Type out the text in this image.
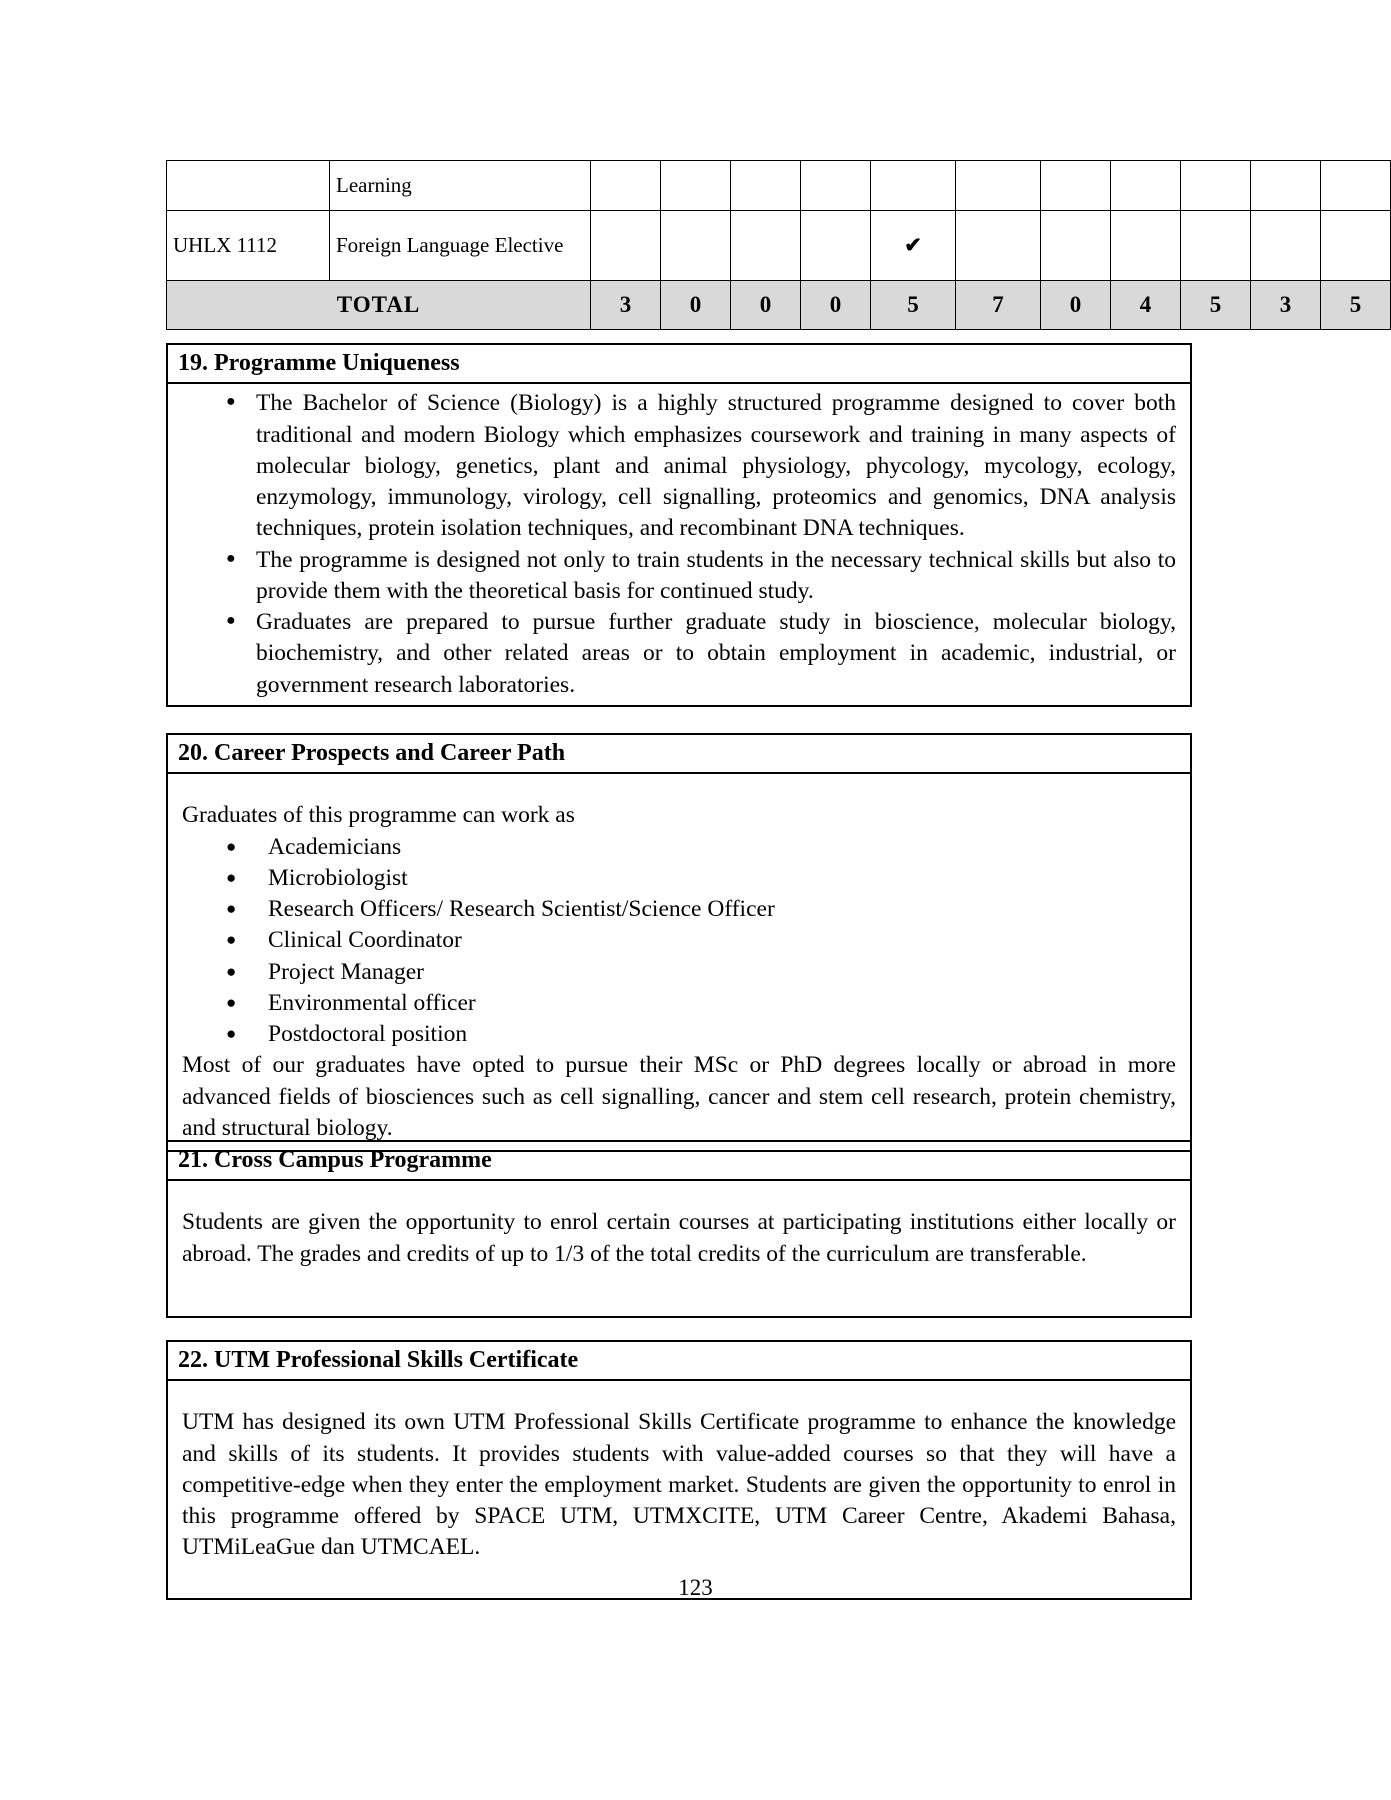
	Learning											
UHLX 1112	Foreign Language Elective					✔						
TOTAL		3	0	0	0	5	7	0	4	5	3	5
19. Programme Uniqueness
● The Bachelor of Science (Biology) is a highly structured programme designed to cover both traditional and modern Biology which emphasizes coursework and training in many aspects of molecular biology, genetics, plant and animal physiology, phycology, mycology, ecology, enzymology, immunology, virology, cell signalling, proteomics and genomics, DNA analysis techniques, protein isolation techniques, and recombinant DNA techniques.
● The programme is designed not only to train students in the necessary technical skills but also to provide them with the theoretical basis for continued study.
● Graduates are prepared to pursue further graduate study in bioscience, molecular biology, biochemistry, and other related areas or to obtain employment in academic, industrial, or government research laboratories.
20. Career Prospects and Career Path

Graduates of this programme can work as

● Academicians
● Microbiologist
● Research Officers/ Research Scientist/Science Officer
● Clinical Coordinator
● Project Manager
● Environmental officer
● Postdoctoral position

Most of our graduates have opted to pursue their MSc or PhD degrees locally or abroad in more advanced fields of biosciences such as cell signalling, cancer and stem cell research, protein chemistry, and structural biology.

21. Cross Campus Programme

Students are given the opportunity to enrol certain courses at participating institutions either locally or abroad. The grades and credits of up to 1/3 of the total credits of the curriculum are transferable.

22. UTM Professional Skills Certificate

UTM has designed its own UTM Professional Skills Certificate programme to enhance the knowledge and skills of its students. It provides students with value-added courses so that they will have a competitive-edge when they enter the employment market. Students are given the opportunity to enrol in this programme offered by SPACE UTM, UTMXCITE, UTM Career Centre, Akademi Bahasa, UTMiLeaGue dan UTMCAEL.

123
